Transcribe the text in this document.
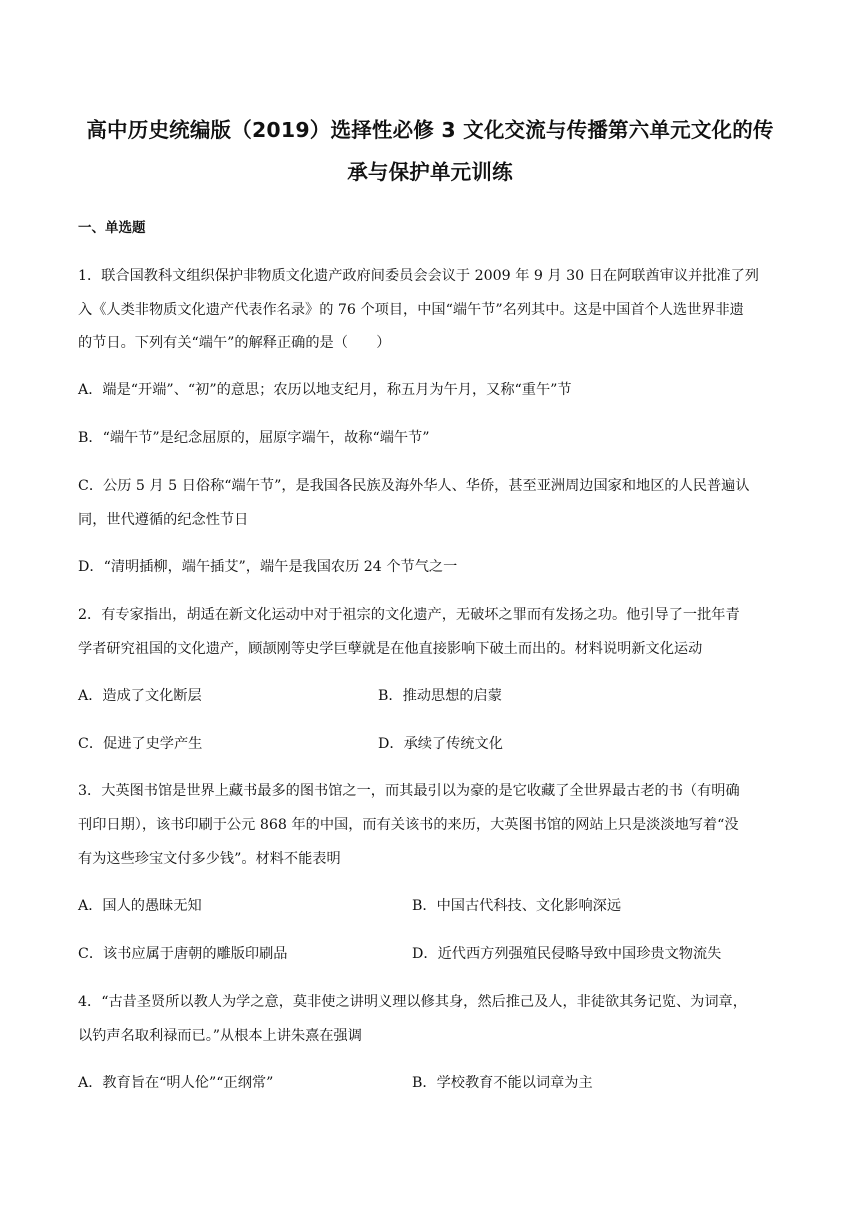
高中历史统编版（2019）选择性必修 3 文化交流与传播第六单元文化的传
承与保护单元训练
一、单选题
1．联合国教科文组织保护非物质文化遗产政府间委员会会议于 2009 年 9 月 30 日在阿联酋审议并批准了列
入《人类非物质文化遗产代表作名录》的 76 个项目，中国“端午节”名列其中。这是中国首个人选世界非遗
的节日。下列有关“端午”的解释正确的是（　　）
A．端是“开端”、“初”的意思；农历以地支纪月，称五月为午月，又称“重午”节
B．“端午节”是纪念屈原的，屈原字端午，故称“端午节”
C．公历 5 月 5 日俗称“端午节”，是我国各民族及海外华人、华侨，甚至亚洲周边国家和地区的人民普遍认
同，世代遵循的纪念性节日
D．“清明插柳，端午插艾”，端午是我国农历 24 个节气之一
2．有专家指出，胡适在新文化运动中对于祖宗的文化遗产，无破坏之罪而有发扬之功。他引导了一批年青
学者研究祖国的文化遗产，顾颉刚等史学巨孽就是在他直接影响下破土而出的。材料说明新文化运动
A．造成了文化断层	B．推动思想的启蒙
C．促进了史学产生	D．承续了传统文化
3．大英图书馆是世界上藏书最多的图书馆之一，而其最引以为豪的是它收藏了全世界最古老的书（有明确
刊印日期），该书印刷于公元 868 年的中国，而有关该书的来历，大英图书馆的网站上只是淡淡地写着“没
有为这些珍宝文付多少钱”。材料不能表明
A．国人的愚昧无知	B．中国古代科技、文化影响深远
C．该书应属于唐朝的雕版印刷品	D．近代西方列强殖民侵略导致中国珍贵文物流失
4．“古昔圣贤所以教人为学之意，莫非使之讲明义理以修其身，然后推己及人，非徒欲其务记览、为词章，
以钓声名取利禄而已。”从根本上讲朱熹在强调
A．教育旨在“明人伦”“正纲常”	B．学校教育不能以词章为主
